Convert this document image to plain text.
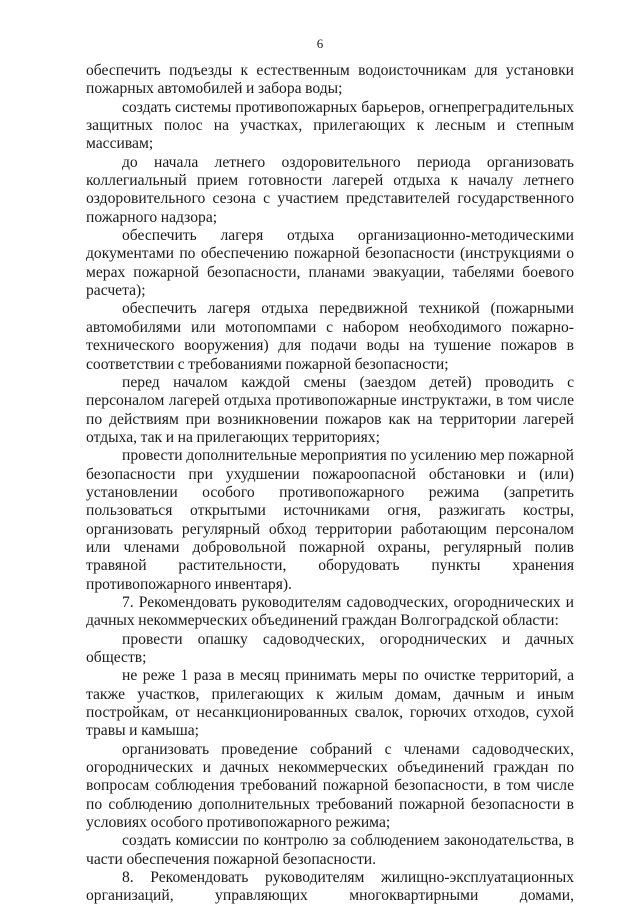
6

обеспечить подъезды к естественным водоисточникам для установки пожарных автомобилей и забора воды;

создать системы противопожарных барьеров, огнепреградительных защитных полос на участках, прилегающих к лесным и степным массивам;

до начала летнего оздоровительного периода организовать коллегиальный прием готовности лагерей отдыха к началу летнего оздоровительного сезона с участием представителей государственного пожарного надзора;

обеспечить лагеря отдыха организационно-методическими документами по обеспечению пожарной безопасности (инструкциями о мерах пожарной безопасности, планами эвакуации, табелями боевого расчета);

обеспечить лагеря отдыха передвижной техникой (пожарными автомобилями или мотопомпами с набором необходимого пожарно-технического вооружения) для подачи воды на тушение пожаров в соответствии с требованиями пожарной безопасности;

перед началом каждой смены (заездом детей) проводить с персоналом лагерей отдыха противопожарные инструктажи, в том числе по действиям при возникновении пожаров как на территории лагерей отдыха, так и на прилегающих территориях;

провести дополнительные мероприятия по усилению мер пожарной безопасности при ухудшении пожароопасной обстановки и (или) установлении особого противопожарного режима (запретить пользоваться открытыми источниками огня, разжигать костры, организовать регулярный обход территории работающим персоналом или членами добровольной пожарной охраны, регулярный полив травяной растительности, оборудовать пункты хранения противопожарного инвентаря).

7. Рекомендовать руководителям садоводческих, огороднических и дачных некоммерческих объединений граждан Волгоградской области:

провести опашку садоводческих, огороднических и дачных обществ;

не реже 1 раза в месяц принимать меры по очистке территорий, а также участков, прилегающих к жилым домам, дачным и иным постройкам, от несанкционированных свалок, горючих отходов, сухой травы и камыша;

организовать проведение собраний с членами садоводческих, огороднических и дачных некоммерческих объединений граждан по вопросам соблюдения требований пожарной безопасности, в том числе по соблюдению дополнительных требований пожарной безопасности в условиях особого противопожарного режима;

создать комиссии по контролю за соблюдением законодательства, в части обеспечения пожарной безопасности.

8. Рекомендовать руководителям жилищно-эксплуатационных организаций, управляющих многоквартирными домами,
